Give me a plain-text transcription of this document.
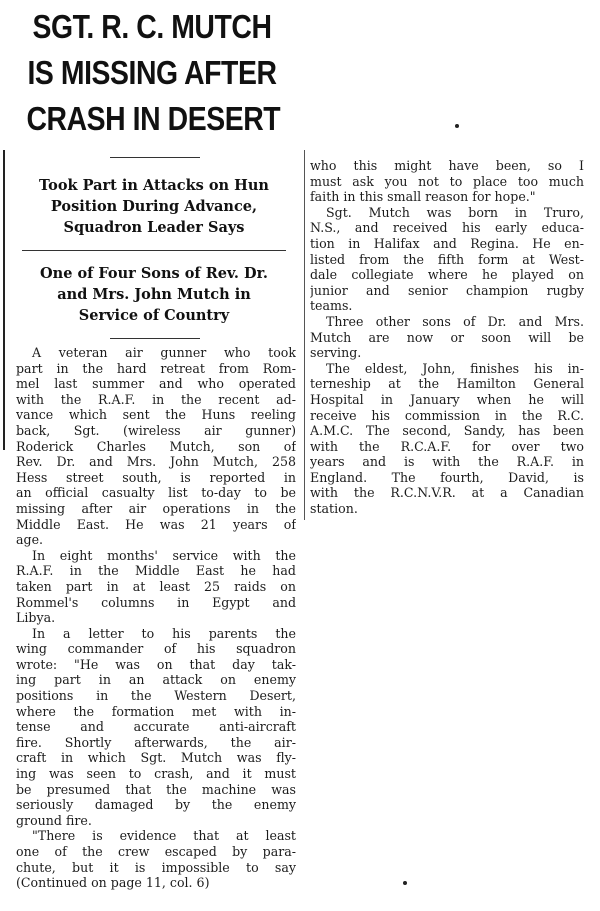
SGT. R. C. MUTCH
IS MISSING AFTER
CRASH IN DESERT
Took Part in Attacks on Hun
Position During Advance,
Squadron Leader Says
One of Four Sons of Rev. Dr.
and Mrs. John Mutch in
Service of Country
A veteran air gunner who took
part in the hard retreat from Rom-
mel last summer and who operated
with the R.A.F. in the recent ad-
vance which sent the Huns reeling
back, Sgt. (wireless air gunner)
Roderick Charles Mutch, son of
Rev. Dr. and Mrs. John Mutch, 258
Hess street south, is reported in
an official casualty list to-day to be
missing after air operations in the
Middle East. He was 21 years of
age.
In eight months' service with the
R.A.F. in the Middle East he had
taken part in at least 25 raids on
Rommel's columns in Egypt and
Libya.
In a letter to his parents the
wing commander of his squadron
wrote: "He was on that day tak-
ing part in an attack on enemy
positions in the Western Desert,
where the formation met with in-
tense and accurate anti-aircraft
fire. Shortly afterwards, the air-
craft in which Sgt. Mutch was fly-
ing was seen to crash, and it must
be presumed that the machine was
seriously damaged by the enemy
ground fire.
"There is evidence that at least
one of the crew escaped by para-
chute, but it is impossible to say
(Continued on page 11, col. 6)
who this might have been, so I
must ask you not to place too much
faith in this small reason for hope."
Sgt. Mutch was born in Truro,
N.S., and received his early educa-
tion in Halifax and Regina. He en-
listed from the fifth form at West-
dale collegiate where he played on
junior and senior champion rugby
teams.
Three other sons of Dr. and Mrs.
Mutch are now or soon will be
serving.
The eldest, John, finishes his in-
terneship at the Hamilton General
Hospital in January when he will
receive his commission in the R.C.
A.M.C. The second, Sandy, has been
with the R.C.A.F. for over two
years and is with the R.A.F. in
England. The fourth, David, is
with the R.C.N.V.R. at a Canadian
station.
